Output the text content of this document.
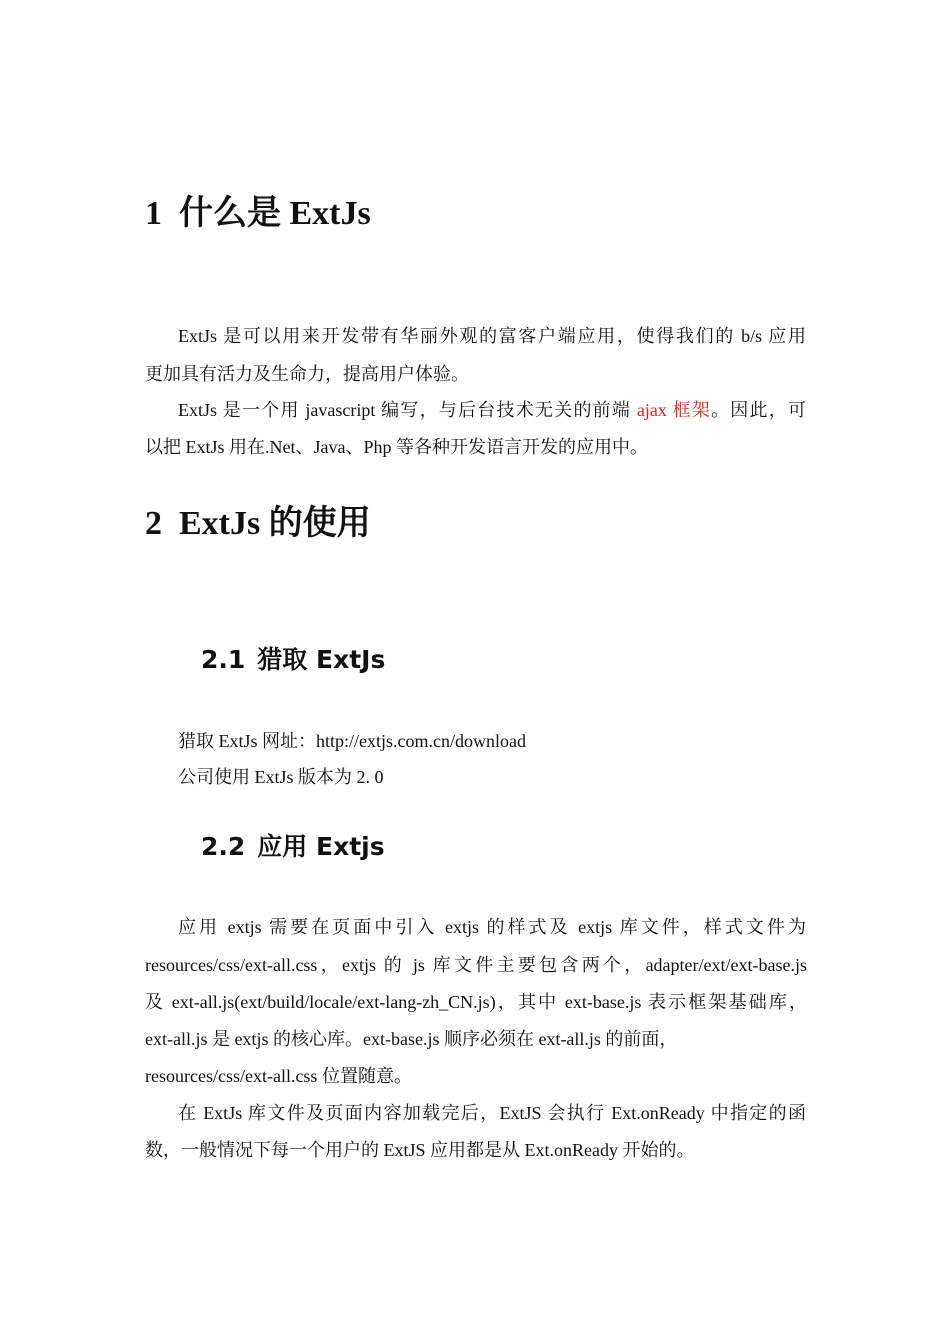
1 什么是 ExtJs
ExtJs 是可以用来开发带有华丽外观的富客户端应用，使得我们的 b/s 应用
更加具有活力及生命力，提高用户体验。
ExtJs 是一个用 javascript 编写，与后台技术无关的前端 ajax 框架。因此，可
以把 ExtJs 用在.Net、Java、Php 等各种开发语言开发的应用中。
2 ExtJs 的使用
2.1 猎取 ExtJs
猎取 ExtJs 网址：http://extjs.com.cn/download
公司使用 ExtJs 版本为 2. 0
2.2 应用 Extjs
应用 extjs 需要在页面中引入 extjs 的样式及 extjs 库文件，样式文件为
resources/css/ext-all.css，extjs 的 js 库文件主要包含两个，adapter/ext/ext-base.js
及 ext-all.js(ext/build/locale/ext-lang-zh_CN.js)，其中 ext-base.js 表示框架基础库，
ext-all.js 是 extjs 的核心库。ext-base.js 顺序必须在 ext-all.js 的前面，
resources/css/ext-all.css 位置随意。
在 ExtJs 库文件及页面内容加载完后，ExtJS 会执行 Ext.onReady 中指定的函
数，一般情况下每一个用户的 ExtJS 应用都是从 Ext.onReady 开始的。
